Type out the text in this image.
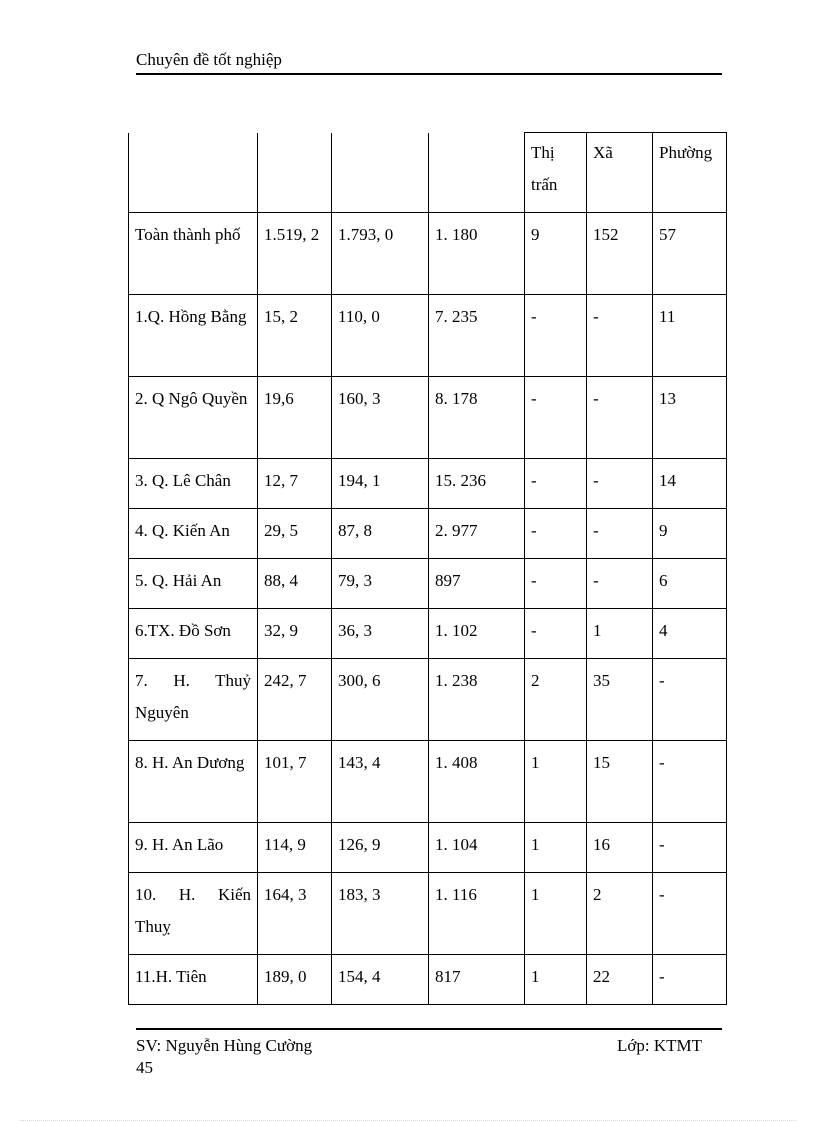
Chuyên đề tốt nghiệp
				Thị trấn	Xã	Phường
Toàn thành phố	1.519, 2	1.793, 0	1. 180	9	152	57
1.Q. Hồng Bằng	15, 2	110, 0	7. 235	-	-	11
2. Q Ngô Quyền	19,6	160, 3	8. 178	-	-	13
3. Q. Lê Chân	12, 7	194, 1	15. 236	-	-	14
4. Q. Kiến An	29, 5	87, 8	2. 977	-	-	9
5. Q. Hải An	88, 4	79, 3	897	-	-	6
6.TX. Đồ Sơn	32, 9	36, 3	1. 102	-	1	4
7. H. Thuỷ Nguyên	242, 7	300, 6	1. 238	2	35	-
8. H. An Dương	101, 7	143, 4	1. 408	1	15	-
9. H. An Lão	114, 9	126, 9	1. 104	1	16	-
10. H. Kiến Thuỵ	164, 3	183, 3	1. 116	1	2	-
11.H. Tiên	189, 0	154, 4	817	1	22	-
SV: Nguyễn Hùng Cường	Lớp: KTMT
45
